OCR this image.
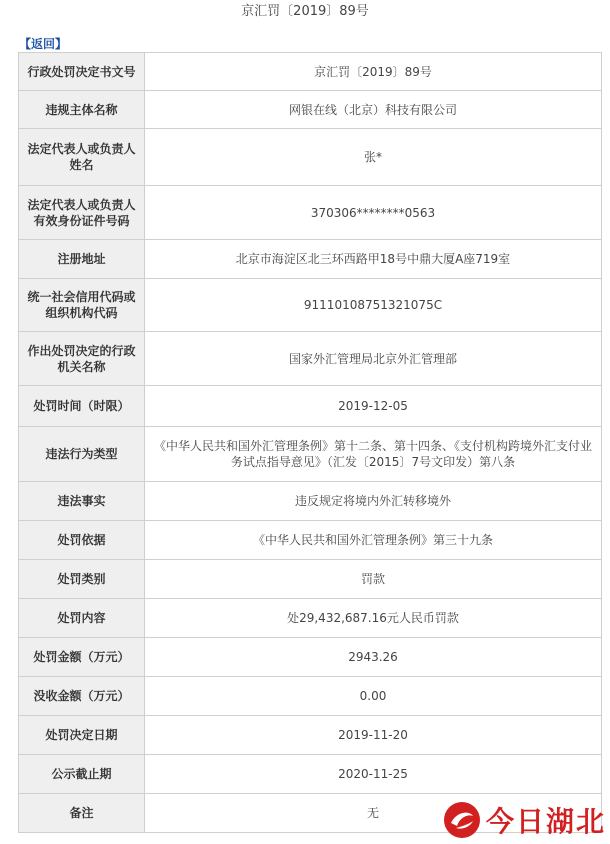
京汇罚〔2019〕89号
【返回】
行政处罚决定书文号	京汇罚〔2019〕89号
违规主体名称	网银在线（北京）科技有限公司
法定代表人或负责人姓名	张*
法定代表人或负责人有效身份证件号码	370306********0563
注册地址	北京市海淀区北三环西路甲18号中鼎大厦A座719室
统一社会信用代码或组织机构代码	91110108751321075C
作出处罚决定的行政机关名称	国家外汇管理局北京外汇管理部
处罚时间（时限）	2019-12-05
违法行为类型	《中华人民共和国外汇管理条例》第十二条、第十四条、《支付机构跨境外汇支付业务试点指导意见》（汇发〔2015〕7号文印发）第八条
违法事实	违反规定将境内外汇转移境外
处罚依据	《中华人民共和国外汇管理条例》第三十九条
处罚类别	罚款
处罚内容	处29,432,687.16元人民币罚款
处罚金额（万元）	2943.26
没收金额（万元）	0.00
处罚决定日期	2019-11-20
公示截止期	2020-11-25
备注	无	今日湖北
